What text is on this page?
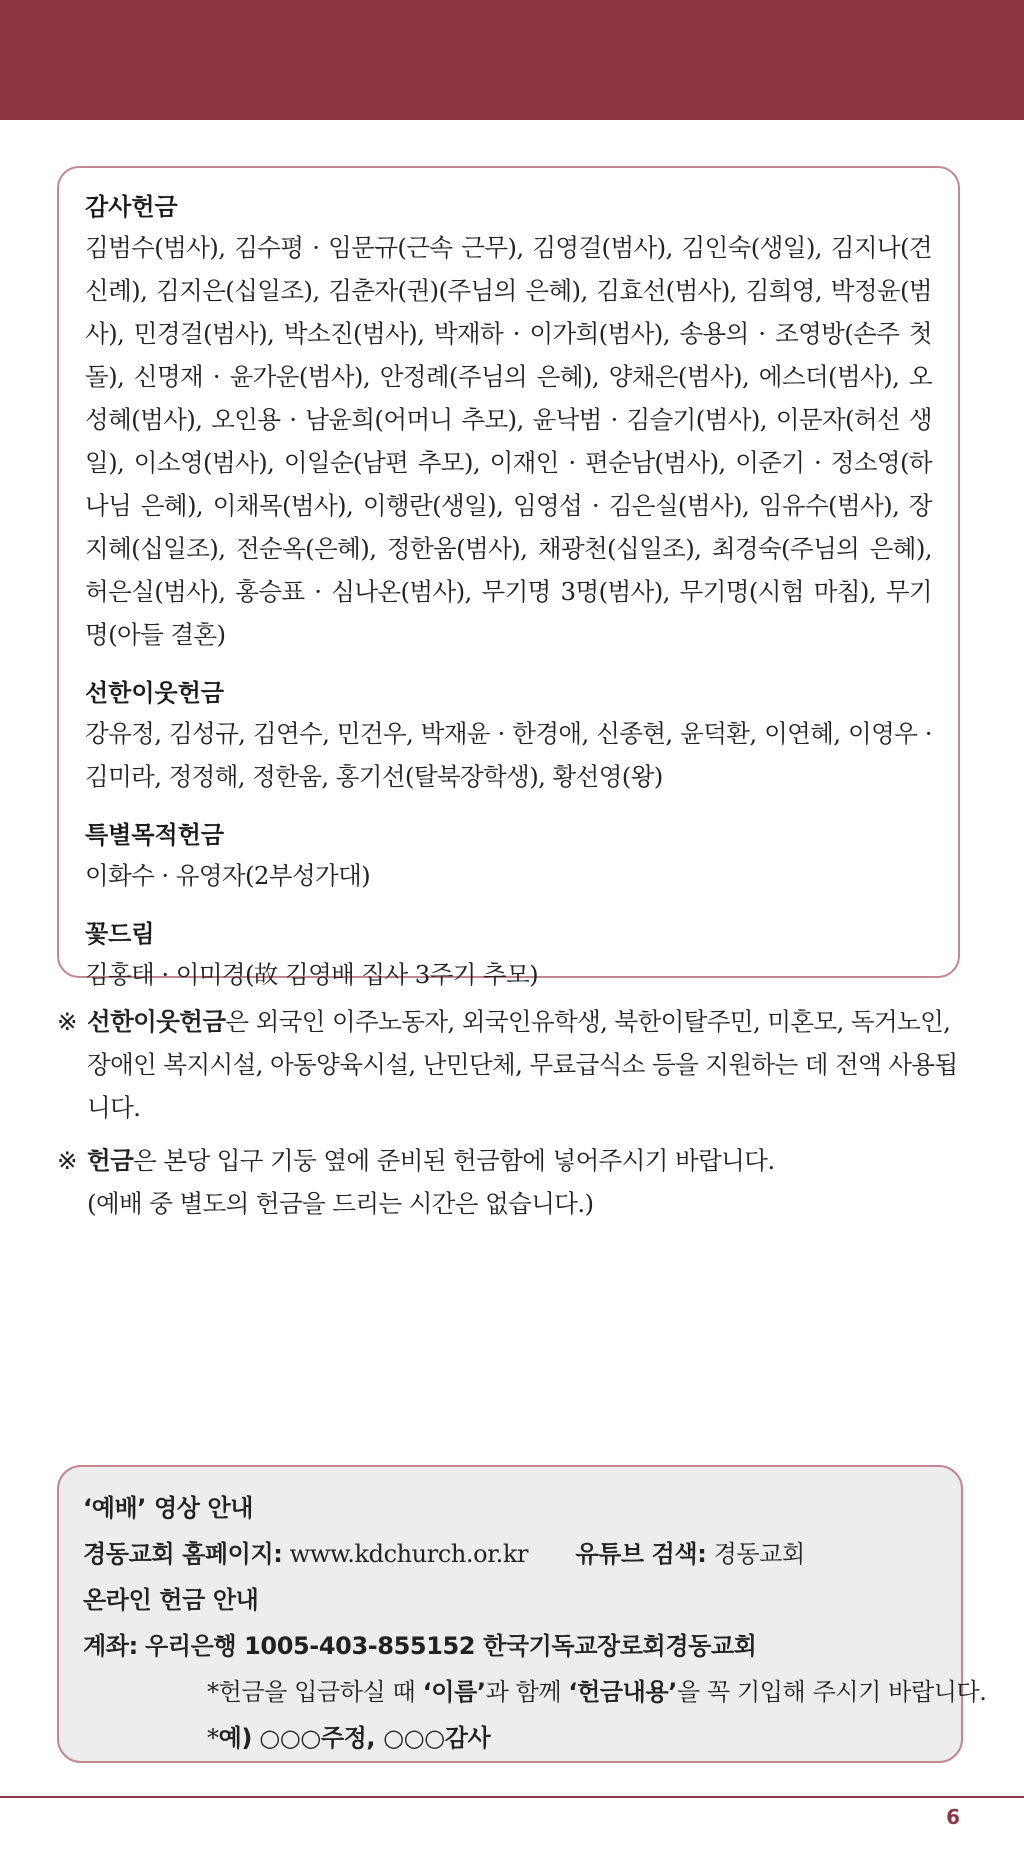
감사헌금

김범수(범사), 김수평 · 임문규(근속 근무), 김영걸(범사), 김인숙(생일), 김지나(견신례), 김지은(십일조), 김춘자(권)(주님의 은혜), 김효선(범사), 김희영, 박정윤(범사), 민경걸(범사), 박소진(범사), 박재하 · 이가희(범사), 송용의 · 조영방(손주 첫 돌), 신명재 · 윤가운(범사), 안정례(주님의 은혜), 양채은(범사), 에스더(범사), 오성혜(범사), 오인용 · 남윤희(어머니 추모), 윤낙범 · 김슬기(범사), 이문자(허선 생일), 이소영(범사), 이일순(남편 추모), 이재인 · 편순남(범사), 이준기 · 정소영(하나님 은혜), 이채목(범사), 이행란(생일), 임영섭 · 김은실(범사), 임유수(범사), 장지혜(십일조), 전순옥(은혜), 정한움(범사), 채광천(십일조), 최경숙(주님의 은혜), 허은실(범사), 홍승표 · 심나온(범사), 무기명 3명(범사), 무기명(시험 마침), 무기명(아들 결혼)

선한이웃헌금

강유정, 김성규, 김연수, 민건우, 박재윤 · 한경애, 신종현, 윤덕환, 이연혜, 이영우 · 김미라, 정정해, 정한움, 홍기선(탈북장학생), 황선영(왕)

특별목적헌금

이화수 · 유영자(2부성가대)

꽃드림

김홍태 · 이미경(故 김영배 집사 3주기 추모)

※ 선한이웃헌금은 외국인 이주노동자, 외국인유학생, 북한이탈주민, 미혼모, 독거노인, 장애인 복지시설, 아동양육시설, 난민단체, 무료급식소 등을 지원하는 데 전액 사용됩니다.
※ 헌금은 본당 입구 기둥 옆에 준비된 헌금함에 넣어주시기 바랍니다.
(예배 중 별도의 헌금을 드리는 시간은 없습니다.)
‘예배’ 영상 안내
경동교회 홈페이지: www.kdchurch.or.kr 유튜브 검색: 경동교회
온라인 헌금 안내
계좌: 우리은행 1005-403-855152 한국기독교장로회경동교회
*헌금을 입금하실 때 ‘이름’과 함께 ‘헌금내용’을 꼭 기입해 주시기 바랍니다.
*예) ○○○주정, ○○○감사
6
